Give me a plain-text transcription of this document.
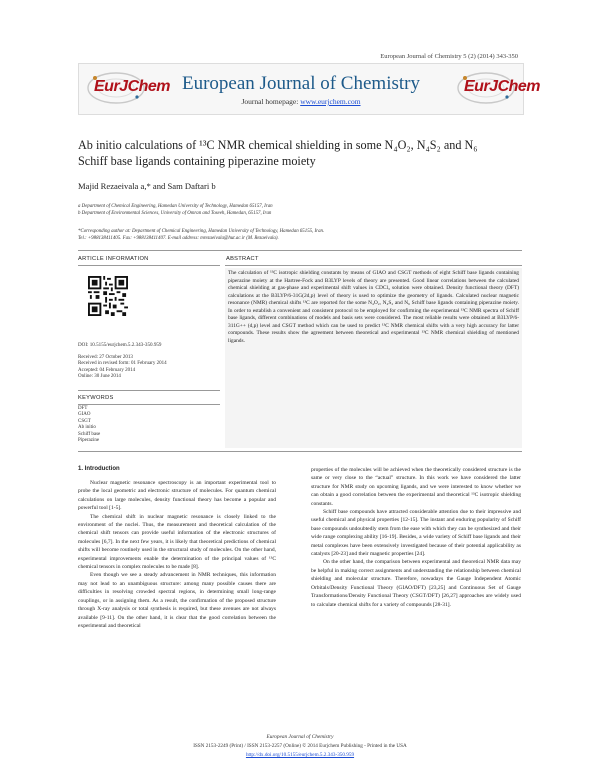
European Journal of Chemistry 5 (2) (2014) 343-350
EurJChem European Journal of Chemistry
Journal homepage: www.eurjchem.com
EurJChem
Ab initio calculations of ¹³C NMR chemical shielding in some N₄O₂, N₄S₂ and N₆ Schiff base ligands containing piperazine moiety
Majid Rezaeivala a,* and Sam Daftari b
a Department of Chemical Engineering, Hamedan University of Technology, Hamedan 65157, Iran
b Department of Environmental Sciences, University of Omran and Toseeh, Hamedan, 65157, Iran
*Corresponding author at: Department of Chemical Engineering, Hamedan University of Technology, Hamedan 65155, Iran.
Tel.: +988138411405. Fax: +988138411407. E-mail address: mrezaeivala@hut.ac.ir (M. Rezaeivala).
ARTICLE INFORMATION	ABSTRACT
DOI: 10.5155/eurjchem.5.2.343-350.959
Received: 27 October 2013
Received in revised form: 01 February 2014
Accepted: 04 February 2014
Online: 30 June 2014
KEYWORDS
DFT
GIAO
CSGT
Ab initio
Schiff base
Piperazine
The calculation of ¹³C isotropic shielding constants by means of GIAO and CSGT methods of eight Schiff base ligands containing piperazine moiety at the Hartree-Fock and B3LYP levels of theory are presented. Good linear correlations between the calculated chemical shielding at gas-phase and experimental shift values in CDCl₃ solution were obtained. Density functional theory (DFT) calculations at the B3LYP/6-31G(2d,p) level of theory is used to optimize the geometry of ligands. Calculated nuclear magnetic resonance (NMR) chemical shifts ¹³C are reported for the some N₄O₂, N₄S₂ and N₆ Schiff base ligands containing piperazine moiety. In order to establish a convenient and consistent protocol to be employed for confirming the experimental ¹³C NMR spectra of Schiff base ligands, different combinations of models and basis sets were considered. The most reliable results were obtained at B3LYP/6-311G++ (d,p) level and CSGT method which can be used to predict ¹³C NMR chemical shifts with a very high accuracy for latter compounds. These results show the agreement between theoretical and experimental ¹³C NMR chemical shielding of mentioned ligands.
1. Introduction

Nuclear magnetic resonance spectroscopy is an important experimental tool to probe the local geometric and electronic structure of molecules. For quantum chemical calculations on large molecules, density functional theory has become a popular and powerful tool [1-5].

The chemical shift in nuclear magnetic resonance is closely linked to the environment of the nuclei. Thus, the measurement and theoretical calculation of the chemical shift tensors can provide useful information of the electronic structures of molecules [6,7]. In the next few years, it is likely that theoretical predictions of chemical shifts will become routinely used in the structural study of molecules. On the other hand, experimental improvements enable the determination of the principal values of ¹³C chemical tensors in complex molecules to be made [8].

Even though we see a steady advancement in NMR techniques, this information may not lead to an unambiguous structure: among many possible causes there are difficulties in resolving crowded spectral regions, in determining small long-range couplings, or in assigning them. As a result, the confirmation of the proposed structure through X-ray analysis or total synthesis is required, but these avenues are not always available [9-11]. On the other hand, it is clear that the good correlation between the experimental and theoretical

properties of the molecules will be achieved when the theoretically considered structure is the same or very close to the “actual” structure. In this work we have considered the latter structure for NMR study on upcoming ligands, and we were interested to know whether we can obtain a good correlation between the experimental and theoretical ¹³C isotropic shielding constants.

Schiff base compounds have attracted considerable attention due to their impressive and useful chemical and physical properties [12-15]. The instant and enduring popularity of Schiff base compounds undoubtedly stem from the ease with which they can be synthesized and their wide range complexing ability [16-19]. Besides, a wide variety of Schiff base ligands and their metal complexes have been extensively investigated because of their potential applicability as catalysts [20-23] and their magnetic properties [24].

On the other hand, the comparison between experimental and theoretical NMR data may be helpful in making correct assignments and understanding the relationship between chemical shielding and molecular structure. Therefore, nowadays the Gauge Independent Atomic Orbitals/Density Functional Theory (GIAO/DFT) [23,25] and Continuous Set of Gauge Transformations/Density Functional Theory (CSGT/DFT) [26,27] approaches are widely used to calculate chemical shifts for a variety of compounds [28-31].

European Journal of Chemistry
ISSN 2153-2249 (Print) / ISSN 2153-2257 (Online) © 2014 Eurjchem Publishing - Printed in the USA
http://dx.doi.org/10.5155/eurjchem.5.2.343-350.959
